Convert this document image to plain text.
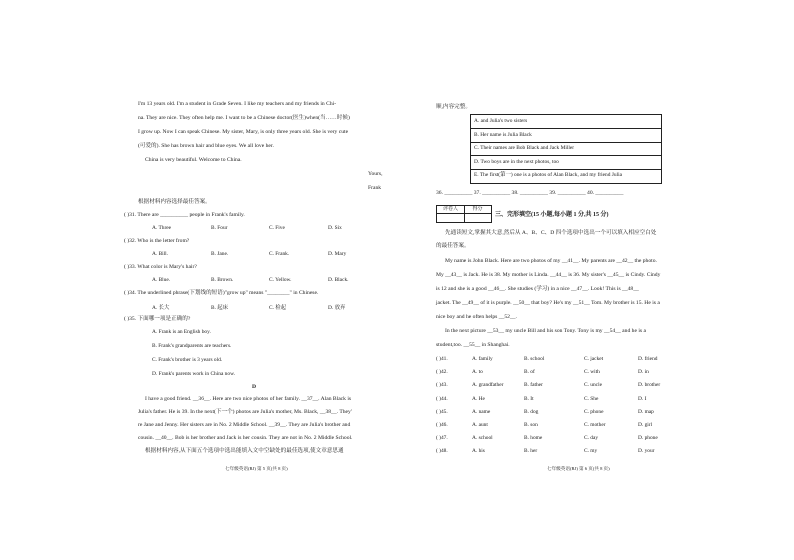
I'm 13 years old. I'm a student in Grade Seven. I like my teachers and my friends in Chi-
na. They are nice. They often help me. I want to be a Chinese doctor(医生)when(当……时候)
I grow up. Now I can speak Chinese. My sister, Mary, is only three years old. She is very cute
(可爱的). She has brown hair and blue eyes. We all love her.
China is very beautiful. Welcome to China.
Yours,
Frank
根据材料内容选择最佳答案。
( )31. There are __________ people in Frank's family.
A. Three	B. Four	C. Five	D. Six
( )32. Who is the letter from?
A. Bill.	B. Jane.	C. Frank.	D. Mary
( )33. What color is Mary's hair?
A. Blue.	B. Brown.	C. Yellow.	D. Black.
( )34. The underlined phrase(下划线的短语)"grow up" means "________" in Chinese.
A. 长大	B. 起床	C. 检起	D. 放弃
( )35. 下面哪一项是正确的?
A. Frank is an English boy.
B. Frank's grandparents are teachers.
C. Frank's brother is 3 years old.
D. Frank's parents work in China now.
D
I have a good friend. __36__. Here are two nice photos of her family. __37__. Alan Black is
Julia's father. He is 39. In the next(下一个) photos are Julia's mother, Ms. Black, __38__. They'
re Jane and Jenny. Her sisters are in No. 2 Middle School. __39__. They are Julia's brother and
cousin. __40__. Bob is her brother and Jack is her cousin. They are not in No. 2 Middle School.
根据材料内容,从下面五个选项中选出能填入文中空缺处的最佳选项,使文章意思通
七年级英语(RJ) 第 5 页(共 8 页)
顺,内容完整。
A. and Julia's two sisters
B. Her name is Julia Black
C. Their names are Bob Black and Jack Miller
D. Two boys are in the next photos, too
E. The first(第一) one is a photos of Alan Black, and my friend Julia
36. __________ 37. __________ 38. __________ 39. __________ 40. __________
评卷人	得分
三、完形填空(15 小题,每小题 1 分,共 15 分)
先通读短文,掌握其大意,然后从 A、B、C、D 四个选项中选出一个可以填入相应空白处
的最佳答案。
My name is John Black. Here are two photos of my __41__. My parents are __42__ the photo.
My __43__ is Jack. He is 38. My mother is Linda. __44__ is 36. My sister's __45__ is Cindy. Cindy
is 12 and she is a good __46__. She studies (学习) in a nice __47__. Look! This is __48__
jacket. The __49__ of it is purple. __50__ that boy? He's my __51__ Tom. My brother is 15. He is a
nice boy and he often helps __52__.
In the next picture __53__ my uncle Bill and his son Tony. Tony is my __54__ and he is a
student,too. __55__ in Shanghai.
( )41.	A. family	B. school	C. jacket	D. friend
( )42.	A. to	B. of	C. with	D. in
( )43.	A. grandfather	B. father	C. uncle	D. brother
( )44.	A. He	B. It	C. She	D. I
( )45.	A. name	B. dog	C. phone	D. map
( )46.	A. aunt	B. son	C. mother	D. girl
( )47.	A. school	B. home	C. day	D. phone
( )48.	A. his	B. her	C. my	D. your
七年级英语(RJ) 第 6 页(共 8 页)
